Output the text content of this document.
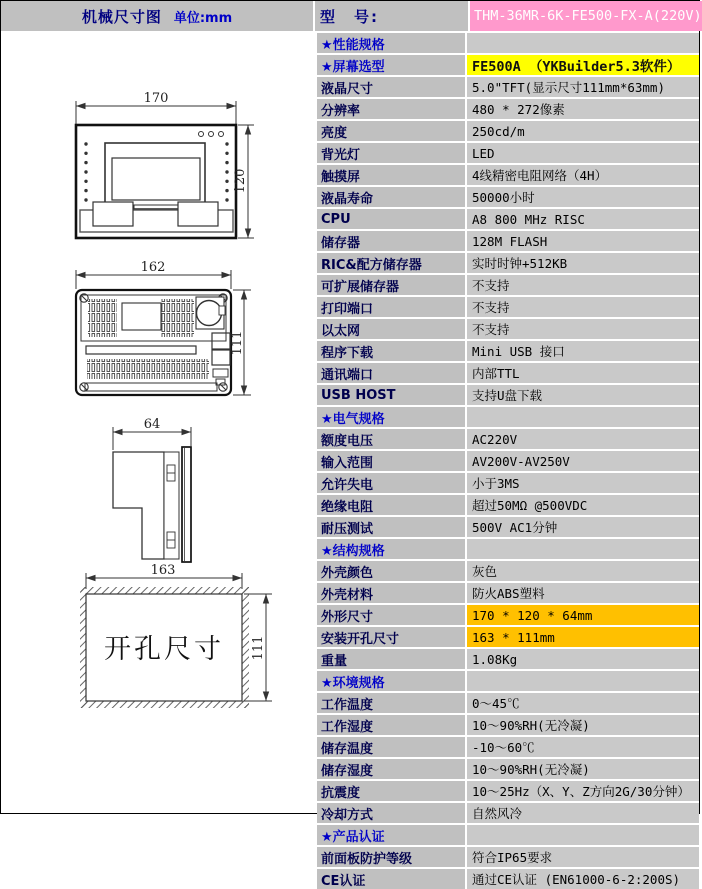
机械尺寸图 单位:mm	型　号:	THM-36MR-6K-FE500-FX-A(220V)
170
120
162
111
64
163
开孔尺寸 111
★性能规格
★屏幕选型	FE500A （YKBuilder5.3软件）
液晶尺寸	5.0"TFT(显示尺寸111mm*63mm)
分辨率	480 * 272像素
亮度	250cd/m
背光灯	LED
触摸屏	4线精密电阻网络（4H）
液晶寿命	50000小时
CPU	A8 800 MHz RISC
储存器	128M FLASH
RIC&配方储存器	实时时钟+512KB
可扩展储存器	不支持
打印端口	不支持
以太网	不支持
程序下载	Mini USB 接口
通讯端口	内部TTL
USB HOST	支持U盘下载
★电气规格
额度电压	AC220V
输入范围	AV200V-AV250V
允许失电	小于3MS
绝缘电阻	超过50MΩ @500VDC
耐压测试	500V AC1分钟
★结构规格
外壳颜色	灰色
外壳材料	防火ABS塑料
外形尺寸	170 * 120 * 64mm
安装开孔尺寸	163 * 111mm
重量	1.08Kg
★环境规格
工作温度	0～45℃
工作湿度	10～90%RH(无冷凝)
储存温度	-10～60℃
储存湿度	10～90%RH(无冷凝)
抗震度	10～25Hz（X、Y、Z方向2G/30分钟）
冷却方式	自然风冷
★产品认证
前面板防护等级	符合IP65要求
CE认证	通过CE认证 (EN61000-6-2:200S)
